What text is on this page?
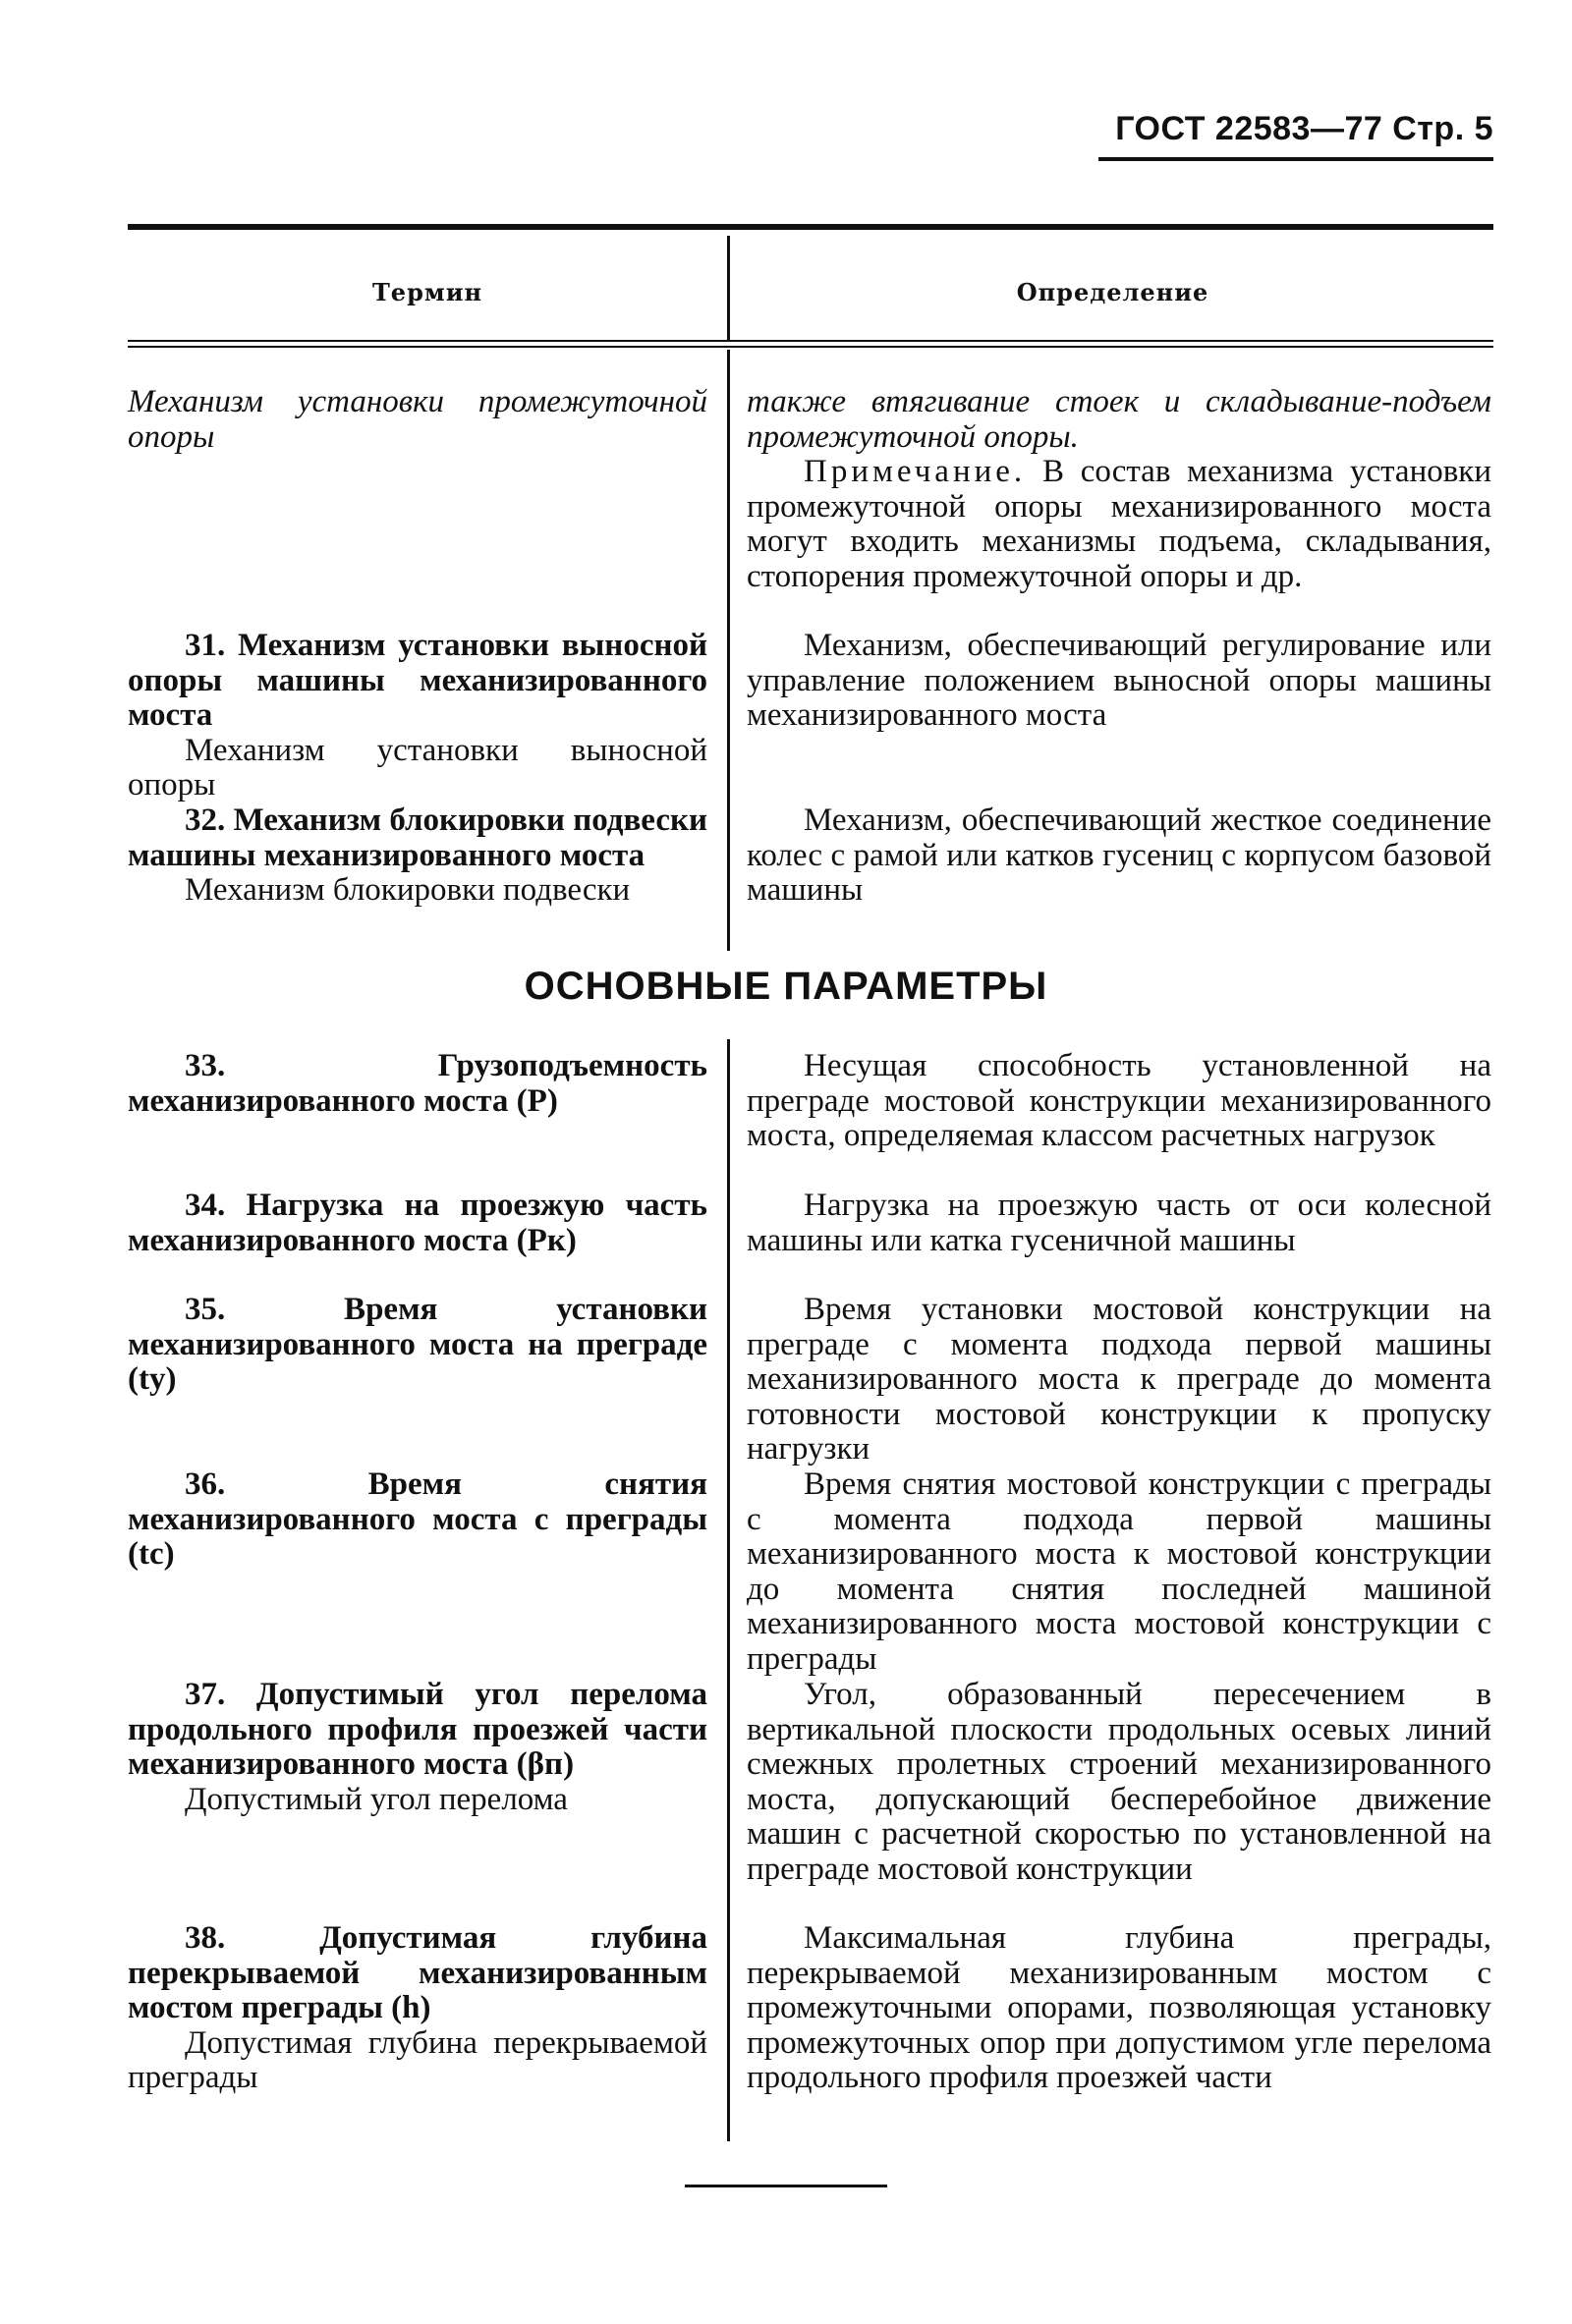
ГОСТ 22583—77 Стр. 5
Термин	Определение
Механизм установки промежуточной опоры
также втягивание стоек и складывание-подъем промежуточной опоры.

Примечание. В состав механизма установки промежуточной опоры механизированного моста могут входить механизмы подъема, складывания, стопорения промежуточной опоры и др.

31. Механизм установки выносной опоры машины механизированного моста

Механизм установки выносной опоры

Механизм, обеспечивающий регулирование или управление положением выносной опоры машины механизированного моста

32. Механизм блокировки подвески машины механизированного моста

Механизм блокировки подвески

Механизм, обеспечивающий жесткое соединение колес с рамой или катков гусениц с корпусом базовой машины

ОСНОВНЫЕ ПАРАМЕТРЫ

33. Грузоподъемность механизированного моста (P)

Несущая способность установленной на преграде мостовой конструкции механизированного моста, определяемая классом расчетных нагрузок

34. Нагрузка на проезжую часть механизированного моста (Pк)

Нагрузка на проезжую часть от оси колесной машины или катка гусеничной машины

35. Время установки механизированного моста на преграде (tу)

Время установки мостовой конструкции на преграде с момента подхода первой машины механизированного моста к преграде до момента готовности мостовой конструкции к пропуску нагрузки

36. Время снятия механизированного моста с преграды (tс)

Время снятия мостовой конструкции с преграды с момента подхода первой машины механизированного моста к мостовой конструкции до момента снятия последней машиной механизированного моста мостовой конструкции с преграды

37. Допустимый угол перелома продольного профиля проезжей части механизированного моста (βп)

Допустимый угол перелома

Угол, образованный пересечением в вертикальной плоскости продольных осевых линий смежных пролетных строений механизированного моста, допускающий бесперебойное движение машин с расчетной скоростью по установленной на преграде мостовой конструкции

38. Допустимая глубина перекрываемой механизированным мостом преграды (h)

Допустимая глубина перекрываемой преграды

Максимальная глубина преграды, перекрываемой механизированным мостом с промежуточными опорами, позволяющая установку промежуточных опор при допустимом угле перелома продольного профиля проезжей части
